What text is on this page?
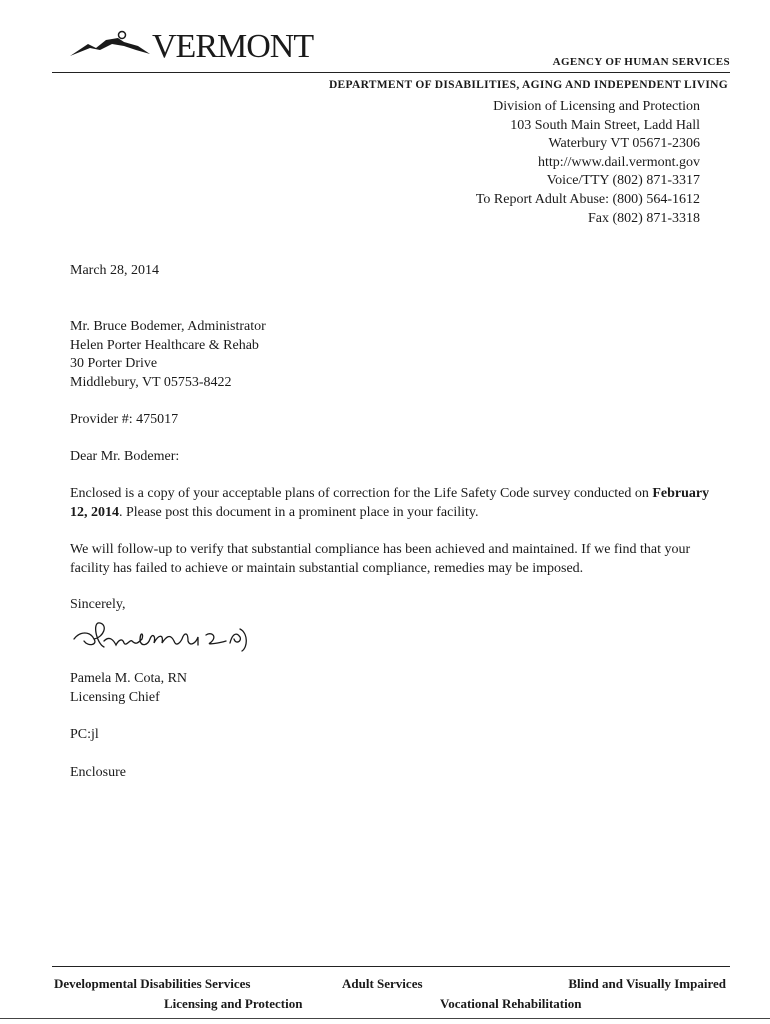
VERMONT	AGENCY OF HUMAN SERVICES
DEPARTMENT OF DISABILITIES, AGING AND INDEPENDENT LIVING
Division of Licensing and Protection
103 South Main Street, Ladd Hall
Waterbury VT 05671-2306
http://www.dail.vermont.gov
Voice/TTY (802) 871-3317
To Report Adult Abuse: (800) 564-1612
Fax (802) 871-3318
March 28, 2014
Mr. Bruce Bodemer, Administrator
Helen Porter Healthcare & Rehab
30 Porter Drive
Middlebury, VT 05753-8422
Provider #: 475017
Dear Mr. Bodemer:
Enclosed is a copy of your acceptable plans of correction for the Life Safety Code survey conducted on February 12, 2014. Please post this document in a prominent place in your facility.
We will follow-up to verify that substantial compliance has been achieved and maintained. If we find that your facility has failed to achieve or maintain substantial compliance, remedies may be imposed.
Sincerely,
Pamela M. Cota, RN
Licensing Chief
PC:jl
Enclosure
Developmental Disabilities Services	Adult Services	Blind and Visually Impaired
Licensing and Protection	Vocational Rehabilitation
